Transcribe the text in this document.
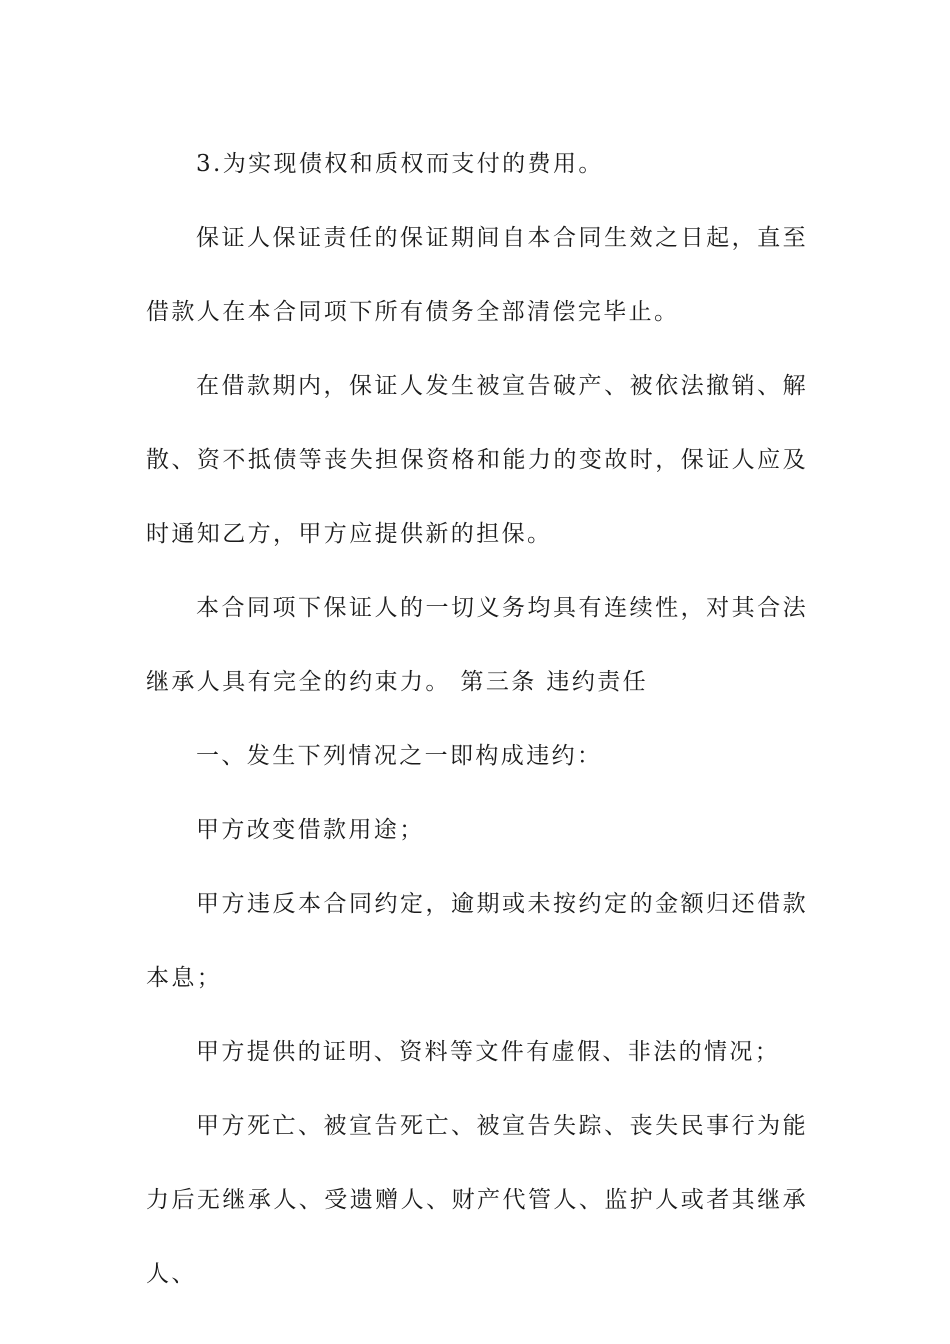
3.为实现债权和质权而支付的费用。

保证人保证责任的保证期间自本合同生效之日起，直至借款人在本合同项下所有债务全部清偿完毕止。

在借款期内，保证人发生被宣告破产、被依法撤销、解散、资不抵债等丧失担保资格和能力的变故时，保证人应及时通知乙方，甲方应提供新的担保。

本合同项下保证人的一切义务均具有连续性，对其合法继承人具有完全的约束力。 第三条 违约责任

一、发生下列情况之一即构成违约：

甲方改变借款用途；

甲方违反本合同约定，逾期或未按约定的金额归还借款本息；

甲方提供的证明、资料等文件有虚假、非法的情况；

甲方死亡、被宣告死亡、被宣告失踪、丧失民事行为能力后无继承人、受遗赠人、财产代管人、监护人或者其继承人、
